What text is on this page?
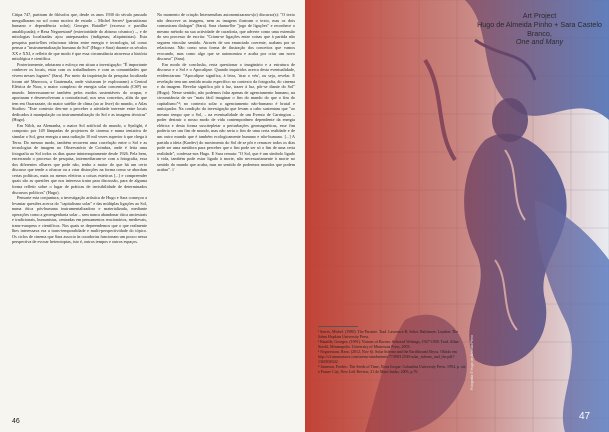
Citipa 747, partiram de filósofos que, desde os anos 1930 do século passado mergulharam no sol como motivo de estudo – Michel Serres¹ (parasitismo humano e dependência solar); Georges Bataille² (excesso e partilha amaldiçoada); e Reza Negarestani³ (exterioridade do abismo cósmico) –, e de mitologias localizadas ajou antepassados (indígenas; aliquimistas). Esta pesquisa partiu-lhes relacionar ideias entre energia e tecnologia, tal como pensar a "instrumentalização humana do Sol" (Hugo e Sara) durante os séculos XX e XXI, e refletir de que modo é que essa circunstância atravessa a história mitológica e científica.

Posteriormente, adotaram o esforço em situar a investigação: "É importante conhecer os locais, estar com os trabalhadores e com as comunidades que vivem nesses lugares" (Sara). Por meio da inquietação da pesquisa localizada foram até Marrocos, a Guatemala, onde visitaram (e exploraram) a Central Elétrica de Noor, o maior complexo de energia solar concentrada (CSP) no mundo. Interessaram-se também pelos modos sustentáveis do ocupar, e aportaram e desenvolveram a contrafactual, nos seus conceitos, aliás do que tem em Ouarzazate, do maior satélite de clima (ao ar livre) do mundo, o Atlas Studios: "Este contexto deu-me a perceber a atividade inerente entre locais dedicados à manipulação ou instrumentalização do Sol e as imagens técnicas" (Hugo).

Em Nilch, na Alemanha, o maior Sol artificial do mundo, o Synlight, é composto por 149 lâmpadas de projetores de cinema e numa tentativa de simular o Sol, gera energia a uma radiação 10 mil vezes superior à que chega à Terra. Do mesmo modo, também recorrem uma correlação entre o Sol e as tecnologias de imagem no Observatório de Coimbra, onde é feita uma fotografia ao Sol todos os dias quase ininterruptamente desde 1926. Pela bem, encerrando o processo de pesquisa, intermediaram-se com a fotografia, essa dos diferentes olhares que pode não, tenho a maior do que há um certo discurso que tende a ofuscar ou a criar distorções na forma como se abordam certas políticas, mais ou menos efetivas a coisas esteticas [...] e compreender quais são as questões que nos interessa tratar para discussão, para de alguma forma refletir sobre o lugar de práticas de invisibilidade de determinados discursos políticos" (Hugo).

Pensarte esta conjuntura, a investigação artística de Hugo e Sara começou a levantar questões acerca do "capitalismo solar" e das múltiplas ligações ao Sol, numa ótica pós-humana instrumentalizadora e materializada, mediante operações como a geoengenharia solar – sem nunca abandonar ótica anciestrais e tradicionais, humanistas, centradas em pensamentos reacionários, medievais, trans-europeus e científicos. Nos quais se depreendemos que o que realmente lhes interessava era a trans-temporalidade e multi-perspectividade do tópico. Os ciclos de cinema que Sara associa às curadorias funcionam um pouco nessa perspectiva de evocar heterotopias, isto é, outros tempos e outros espaços.

No momento de criação Intersensibas autonomizaram-s(o) discurso(s): "O texto não descreve as imagens, nem as imagens ilustram o texto, mas os dois comunicam dialogar" (Sara). Sara chama-lhe "jogo de ligações" e reconhece o mesmo método na sua actividade de curadoria, que adverte como uma extensão do seu processo de escrita: "Criam-se ligações entre coisas que à partida não seguem vincular sentido. Através de um enunciado coerente, acabam por se relacionar. Não como uma forma de ilustração dos conceitos que vamos evocando, mas como algo que se autonomiza e acaba por criar um novo discurso" (Sara).

Em modo de conclusão, resta questionar o imaginário e a estrutura de discurso e o Sol e o Apocalipse. Quando inquiridos acerca desta eventualidade, evidenciaram: "Apocalipse significa, à letra, 'tirar o véu', ou seja, revelar. E revelação tem um sentido muito específico no contexto da fotografia, do cinema e da imagem. Revelar significa pôr à luz, trazer à luz, pôr-se diante do Sol" (Hugo). Nesse sentido, não podemos falar apenas de agenciamento humano, na circunstância de ser "mais fácil imaginar o fim do mundo do que o fim do capitalismo"⁴; no contexto solar o agenciamento não-humano é brutal e anticipador. Na condição da investigação que levam a cabo sustentam que "ao mesmo tempo que o Sol, – na eventualidade de um Evento de Carrington – poder destruir o nosso modo de vida contemporâneo dependente da energia elétrica e desta forma suscitepletar a perturbações geomagnéticas, esse fim poderia ser um fim de mundo, mas não seria o fim de uma certa realidade e de um outro mundo que é também ecologicamente humano e não-humano. [...] A partida a ideia (Kardev) do movimento do Sol de se pôr e renascer todos os dias pode ser uma metáfora para perceber que o fim pode ser só o fim de uma certa realidade", confessa-nos Hugo. E Sara remata: "O Sol, que é um símbolo ligado à vida, também pode estar ligado à morte, não necessariamente à morte no sentido do mundo que acaba, mas no sentido de podermos mundos que podem acabar". //

Art Project
Hugo de Almeida Pinho + Sara Castelo Branco,
One and Many

¹ Serres, Michel. (1980). The Parasite. Trad. Lawrence R. Schei. Baltimore, London: The Johns Hopkins University Press.

² Bataille, Georges. (1991). Visions of Excess: Selected Writings, 1927-1939. Trad. Allan Stoekl, Minneapolis: University of Minnesota Press, 2003.

³ Negarestani, Reza. (2012, Nov 6). Solar Inferno and the Earthbound Abyss. Obtido em http://s3.amazonaws.com/arena-attachments/77498/12530-solar_inferno_and_the.pdf?1365830342

⁴ Jameson, Fredric. The Seeds of Time, Nova Iorque: Columbia University Press, 1994, p. xii; e Future City, New Left Review, 21 de Maio/Junho, 2003, p.76.	Fotografia © Hugo de Almeida Pinho
46	47
